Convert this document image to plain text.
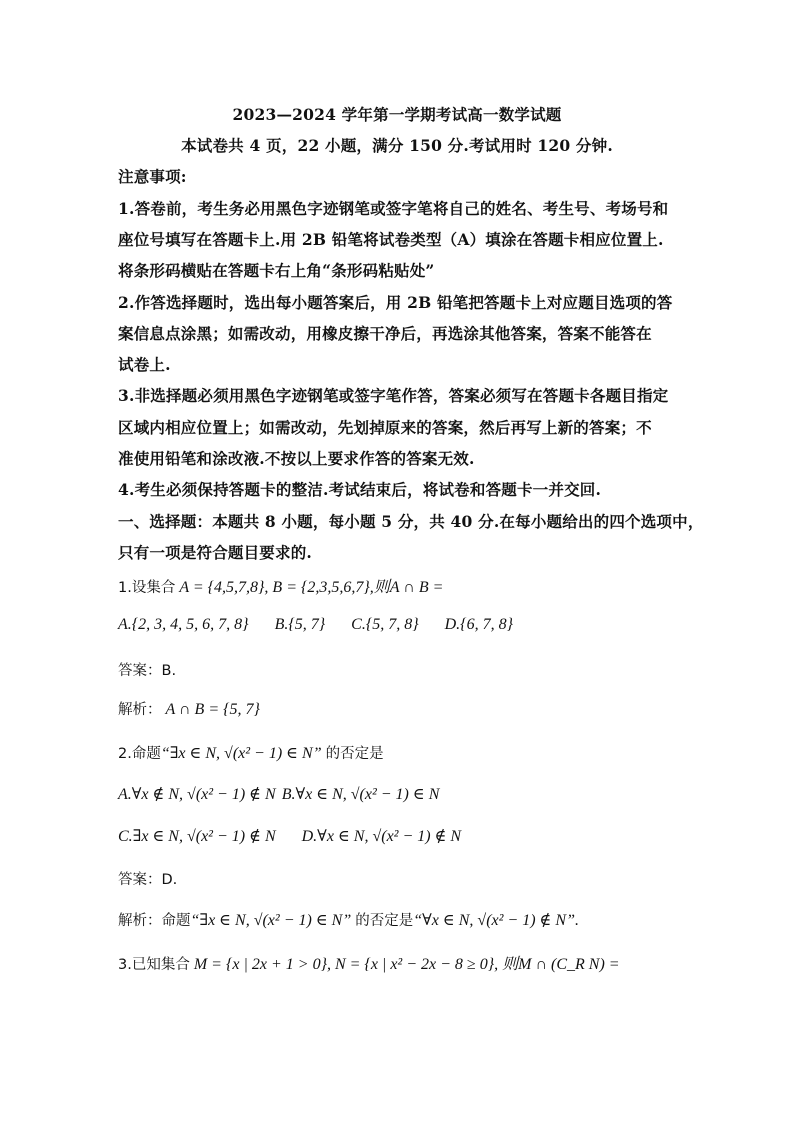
2023—2024 学年第一学期考试高一数学试题
本试卷共 4 页，22 小题，满分 150 分.考试用时 120 分钟.
注意事项:
1.答卷前，考生务必用黑色字迹钢笔或签字笔将自己的姓名、考生号、考场号和
座位号填写在答题卡上.用 2B 铅笔将试卷类型（A）填涂在答题卡相应位置上.
将条形码横贴在答题卡右上角“条形码粘贴处”
2.作答选择题时，选出每小题答案后，用 2B 铅笔把答题卡上对应题目选项的答
案信息点涂黑；如需改动，用橡皮擦干净后，再选涂其他答案，答案不能答在
试卷上.
3.非选择题必须用黑色字迹钢笔或签字笔作答，答案必须写在答题卡各题目指定
区域内相应位置上；如需改动，先划掉原来的答案，然后再写上新的答案；不
准使用铅笔和涂改液.不按以上要求作答的答案无效.
4.考生必须保持答题卡的整洁.考试结束后，将试卷和答题卡一并交回.
一、选择题：本题共 8 小题，每小题 5 分，共 40 分.在每小题给出的四个选项中，
只有一项是符合题目要求的.
1.设集合 A = {4,5,7,8}, B = {2,3,5,6,7},则A ∩ B =
A.{2, 3, 4, 5, 6, 7, 8} B.{5, 7} C.{5, 7, 8} D.{6, 7, 8}
答案：B.
解析： A ∩ B = {5, 7}
2.命题“∃x ∈ N, √(x² − 1) ∈ N” 的否定是
A.∀x ∉ N, √(x² − 1) ∉ N B.∀x ∈ N, √(x² − 1) ∈ N
C.∃x ∈ N, √(x² − 1) ∉ N D.∀x ∈ N, √(x² − 1) ∉ N
答案：D.
解析：命题“∃x ∈ N, √(x² − 1) ∈ N” 的否定是“∀x ∈ N, √(x² − 1) ∉ N”.
3.已知集合 M = {x | 2x + 1 > 0}, N = {x | x² − 2x − 8 ≥ 0}, 则M ∩ (C_R N) =
